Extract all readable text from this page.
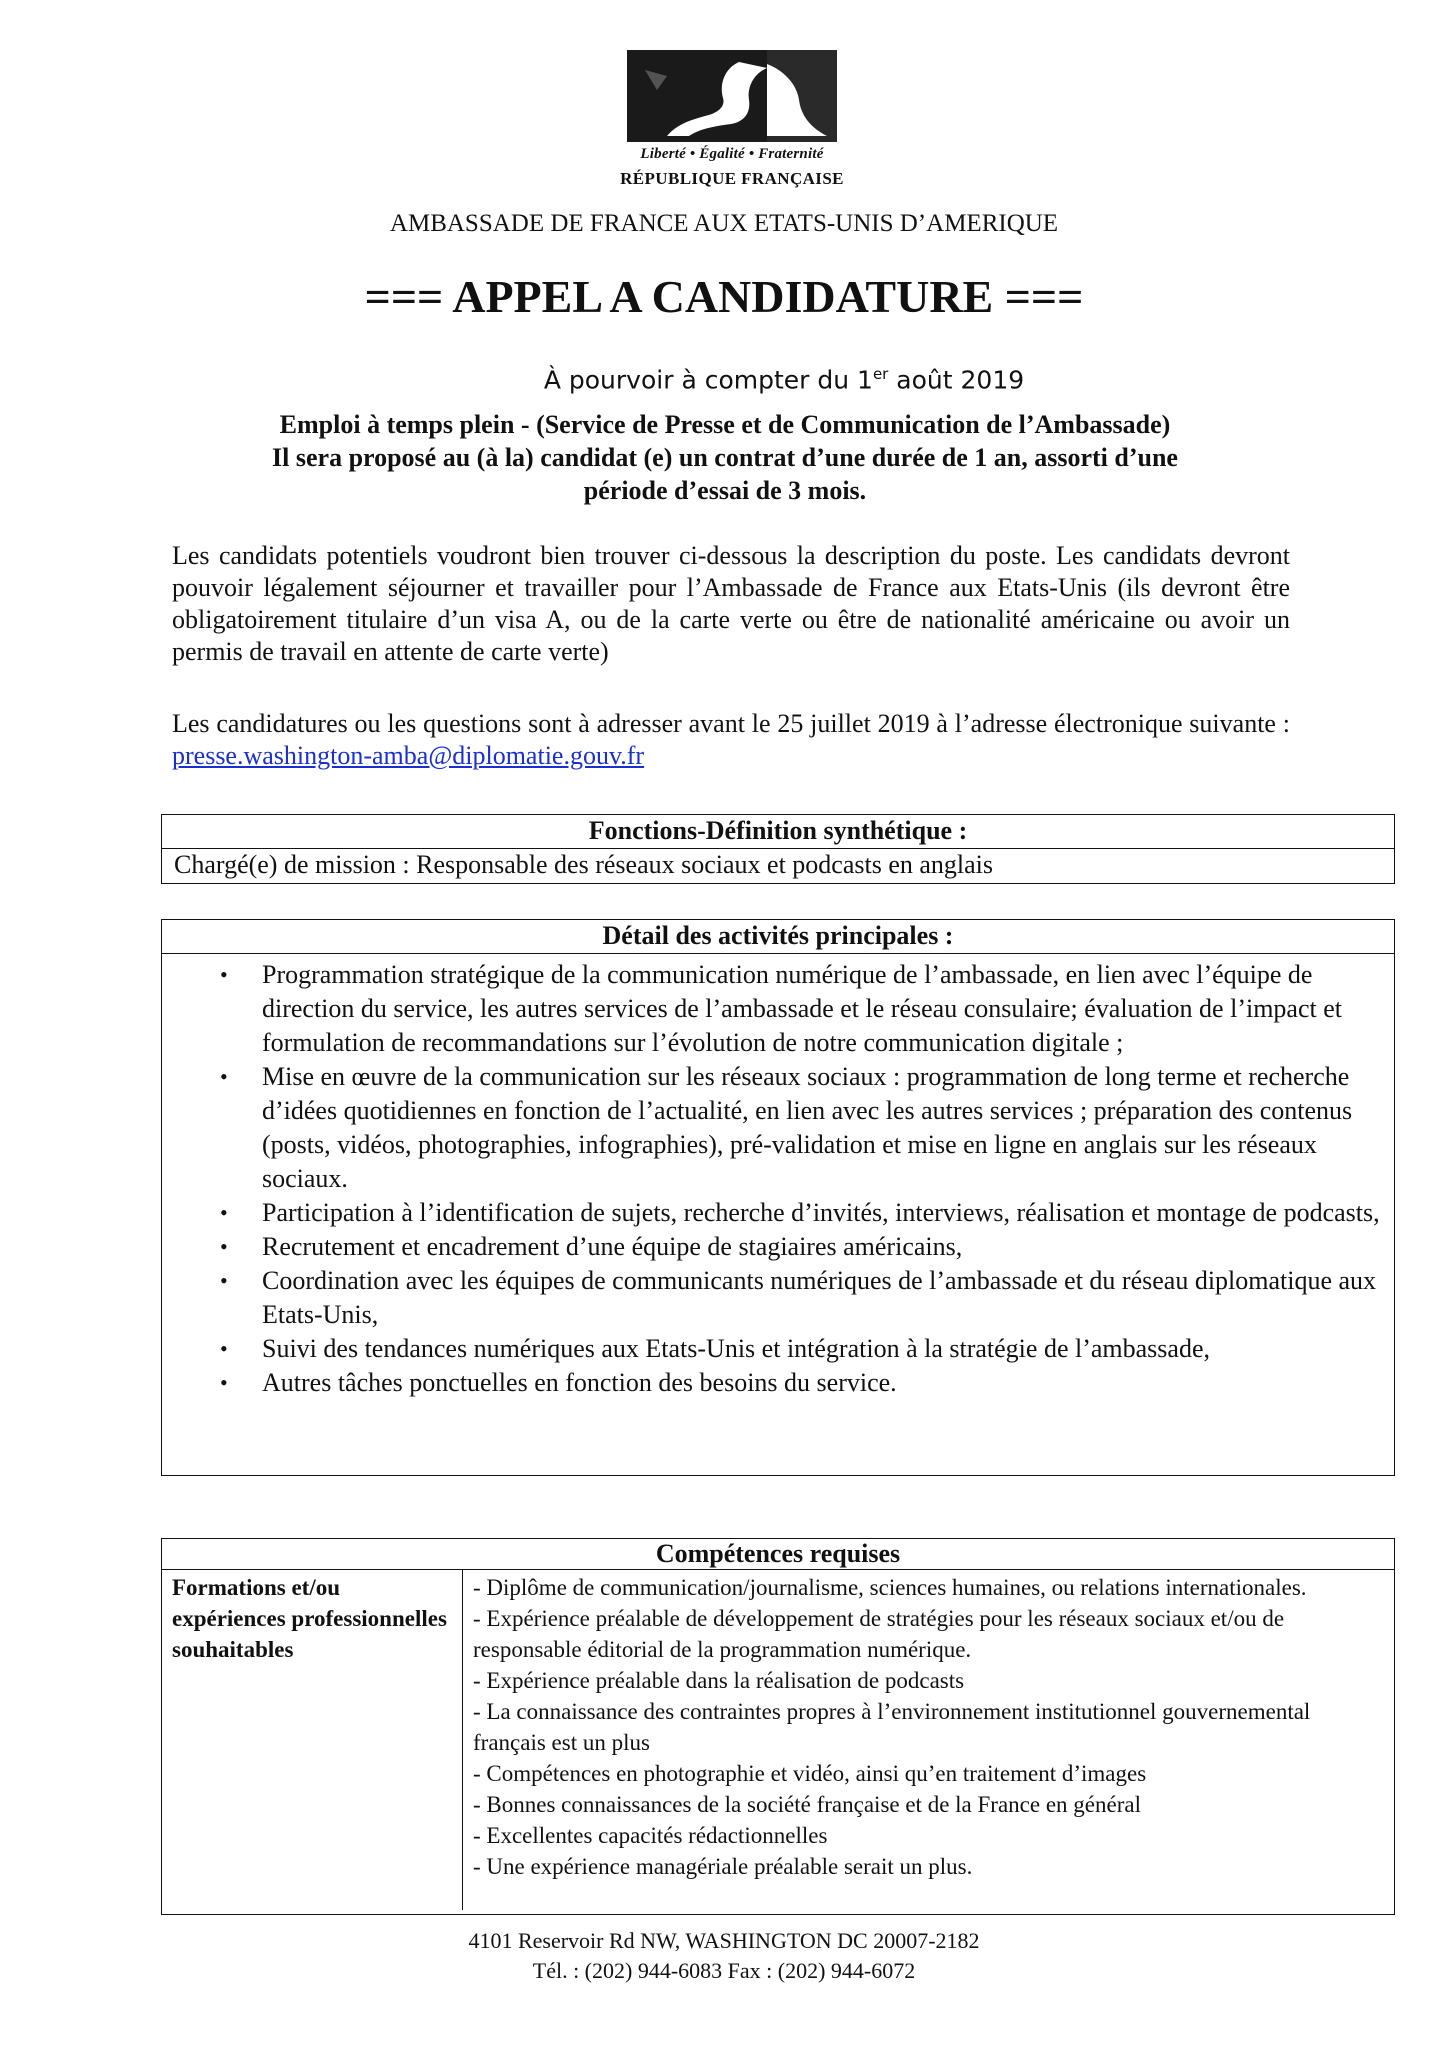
Liberté • Égalité • Fraternité
RÉPUBLIQUE FRANÇAISE
AMBASSADE DE FRANCE AUX ETATS-UNIS D’AMERIQUE
=== APPEL A CANDIDATURE ===
À pourvoir à compter du 1er août 2019
Emploi à temps plein - (Service de Presse et de Communication de l’Ambassade)
Il sera proposé au (à la) candidat (e) un contrat d’une durée de 1 an, assorti d’une
période d’essai de 3 mois.
Les candidats potentiels voudront bien trouver ci-dessous la description du poste. Les candidats devront pouvoir légalement séjourner et travailler pour l’Ambassade de France aux Etats-Unis (ils devront être obligatoirement titulaire d’un visa A, ou de la carte verte ou être de nationalité américaine ou avoir un permis de travail en attente de carte verte)
Les candidatures ou les questions sont à adresser avant le 25 juillet 2019 à l’adresse électronique suivante : presse.washington-amba@diplomatie.gouv.fr
Fonctions-Définition synthétique :
Chargé(e) de mission : Responsable des réseaux sociaux et podcasts en anglais
Détail des activités principales :
• Programmation stratégique de la communication numérique de l’ambassade, en lien avec l’équipe de direction du service, les autres services de l’ambassade et le réseau consulaire; évaluation de l’impact et formulation de recommandations sur l’évolution de notre communication digitale ;
• Mise en œuvre de la communication sur les réseaux sociaux : programmation de long terme et recherche d’idées quotidiennes en fonction de l’actualité, en lien avec les autres services ; préparation des contenus (posts, vidéos, photographies, infographies), pré-validation et mise en ligne en anglais sur les réseaux sociaux.
• Participation à l’identification de sujets, recherche d’invités, interviews, réalisation et montage de podcasts,
• Recrutement et encadrement d’une équipe de stagiaires américains,
• Coordination avec les équipes de communicants numériques de l’ambassade et du réseau diplomatique aux Etats-Unis,
• Suivi des tendances numériques aux Etats-Unis et intégration à la stratégie de l’ambassade,
• Autres tâches ponctuelles en fonction des besoins du service.
Compétences requises
Formations et/ou expériences professionnelles souhaitables
- Diplôme de communication/journalisme, sciences humaines, ou relations internationales.
- Expérience préalable de développement de stratégies pour les réseaux sociaux et/ou de responsable éditorial de la programmation numérique.
- Expérience préalable dans la réalisation de podcasts
- La connaissance des contraintes propres à l’environnement institutionnel gouvernemental français est un plus
- Compétences en photographie et vidéo, ainsi qu’en traitement d’images
- Bonnes connaissances de la société française et de la France en général
- Excellentes capacités rédactionnelles
- Une expérience managériale préalable serait un plus.
4101 Reservoir Rd NW, WASHINGTON DC 20007-2182
Tél. : (202) 944-6083 Fax : (202) 944-6072
